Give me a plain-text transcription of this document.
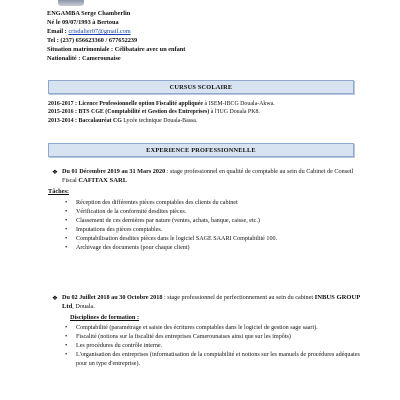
ENGAMBA Serge Chamberlin
Né le 09/07/1993 à Bertoua
Email : crisdalier07@gmail.com
Tel : (237) 656623360 / 677652239
Situation matrimoniale : Célibataire avec un enfant
Nationalité : Camerounaise
CURSUS SCOLAIRE
2016-2017 : Licence Professionnelle option Fiscalité appliquée à ISEM-IBCG Douala-Akwa.
2015-2016 : BTS CGE (Comptabilité et Gestion des Entreprises) à l'IUG Douala PK8.
2013-2014 : Baccalauréat CG Lycée technique Douala-Bassa.
EXPERIENCE PROFESSIONNELLE
❖ Du 01 Décembre 2019 au 31 Mars 2020 : stage professionnel en qualité de comptable au sein du Cabinet de Conseil Fiscal CAFITAX SARL
Tâches:
• Réception des différentes pièces comptables des clients du cabinet
• Vérification de la conformité desdites pièces.
• Classement de ces dernières par nature (ventes, achats, banque, caisse, etc.)
• Imputations des pièces comptables.
• Comptabilisation desdites pièces dans le logiciel SAGE SAARI Comptabilité 100.
• Archivage des documents (pour chaque client)
❖ Du 02 Juillet 2018 au 30 Octobre 2018 : stage professionnel de perfectionnement au sein du cabinet INBUS GROUP Ltd, Douala.
Disciplines de formation :
• Comptabilité (paramétrage et saisie des écritures comptables dans le logiciel de gestion sage saari).
• Fiscalité (notions sur la fiscalité des entreprises Camerounaises ainsi que sur les impôts)
• Les procédures du contrôle interne.
• L'organisation des entreprises (informatisation de la comptabilité et notions sur les manuels de procédures adéquates pour un type d'entreprise).
